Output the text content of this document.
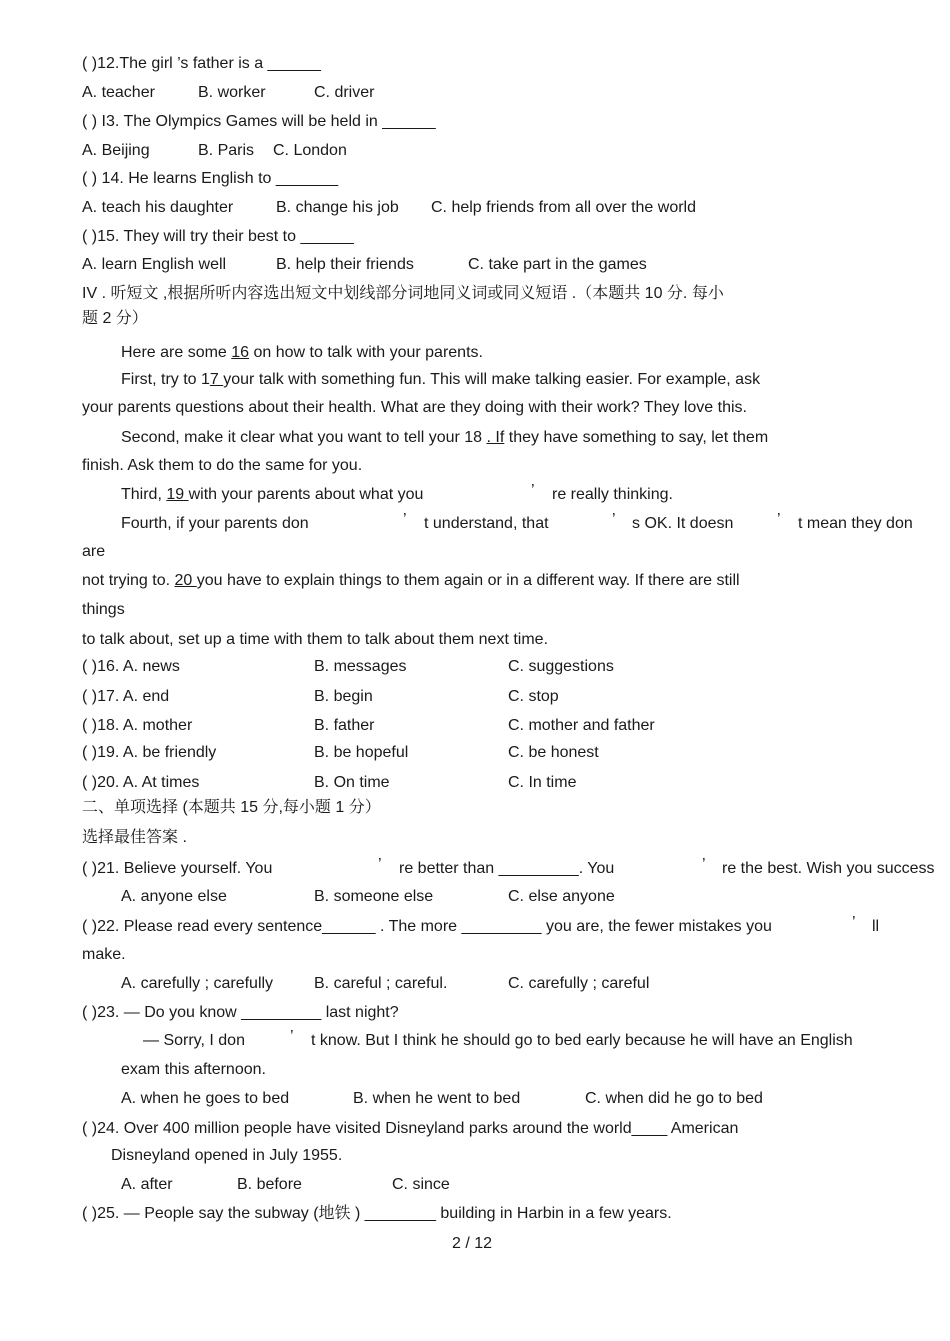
( )12.The girl ’s father is a ______
A. teacher	B. worker	C. driver
( ) I3. The Olympics Games will be held in ______
A. Beijing	B. Paris C. London
( ) 14. He learns English to _______
A. teach his daughter	B. change his job C. help friends from all over the world
( )15. They will try their best to ______
A. learn English well	B. help their friends	C. take part in the games
IV . 听短文 ,根据所听内容选出短文中划线部分词地同义词或同义短语 .（本题共 10 分. 每小
题 2 分）
Here are some 16 on how to talk with your parents.
First, try to 17 your talk with something fun. This will make talking easier. For example, ask
your parents questions about their health. What are they doing with their work? They love this.
Second, make it clear what you want to tell your 18 . If they have something to say, let them
finish. Ask them to do the same for you.
Third, 19 with your parents about what you	’ re really thinking.
Fourth, if your parents don	’ t understand, that	’ s OK. It doesn	’ t mean they don
are
not trying to. 20 you have to explain things to them again or in a different way. If there are still
things
to talk about, set up a time with them to talk about them next time.
( )16. A. news	B. messages	C. suggestions
( )17. A. end	B. begin	C. stop
( )18. A. mother	B. father	C. mother and father
( )19. A. be friendly	B. be hopeful	C. be honest
( )20. A. At times	B. On time	C. In time
二、单项选择 (本题共 15 分,每小题 1 分）
选择最佳答案 .
( )21. Believe yourself. You	’ re better than _________. You	’ re the best. Wish you success
A. anyone else	B. someone else	C. else anyone
( )22. Please read every sentence______ . The more _________ you are, the fewer mistakes you	’ ll
make.
A. carefully ; carefully	B. careful ; careful.	C. carefully ; careful
( )23. — Do you know _________ last night?
— Sorry, I don	’ t know. But I think he should go to bed early because he will have an English
exam this afternoon.
A. when he goes to bed	B. when he went to bed	C. when did he go to bed
( )24. Over 400 million people have visited Disneyland parks around the world____ American
Disneyland opened in July 1955.
A. after	B. before	C. since
( )25. — People say the subway (地铁 ) ________ building in Harbin in a few years.
2 / 12
